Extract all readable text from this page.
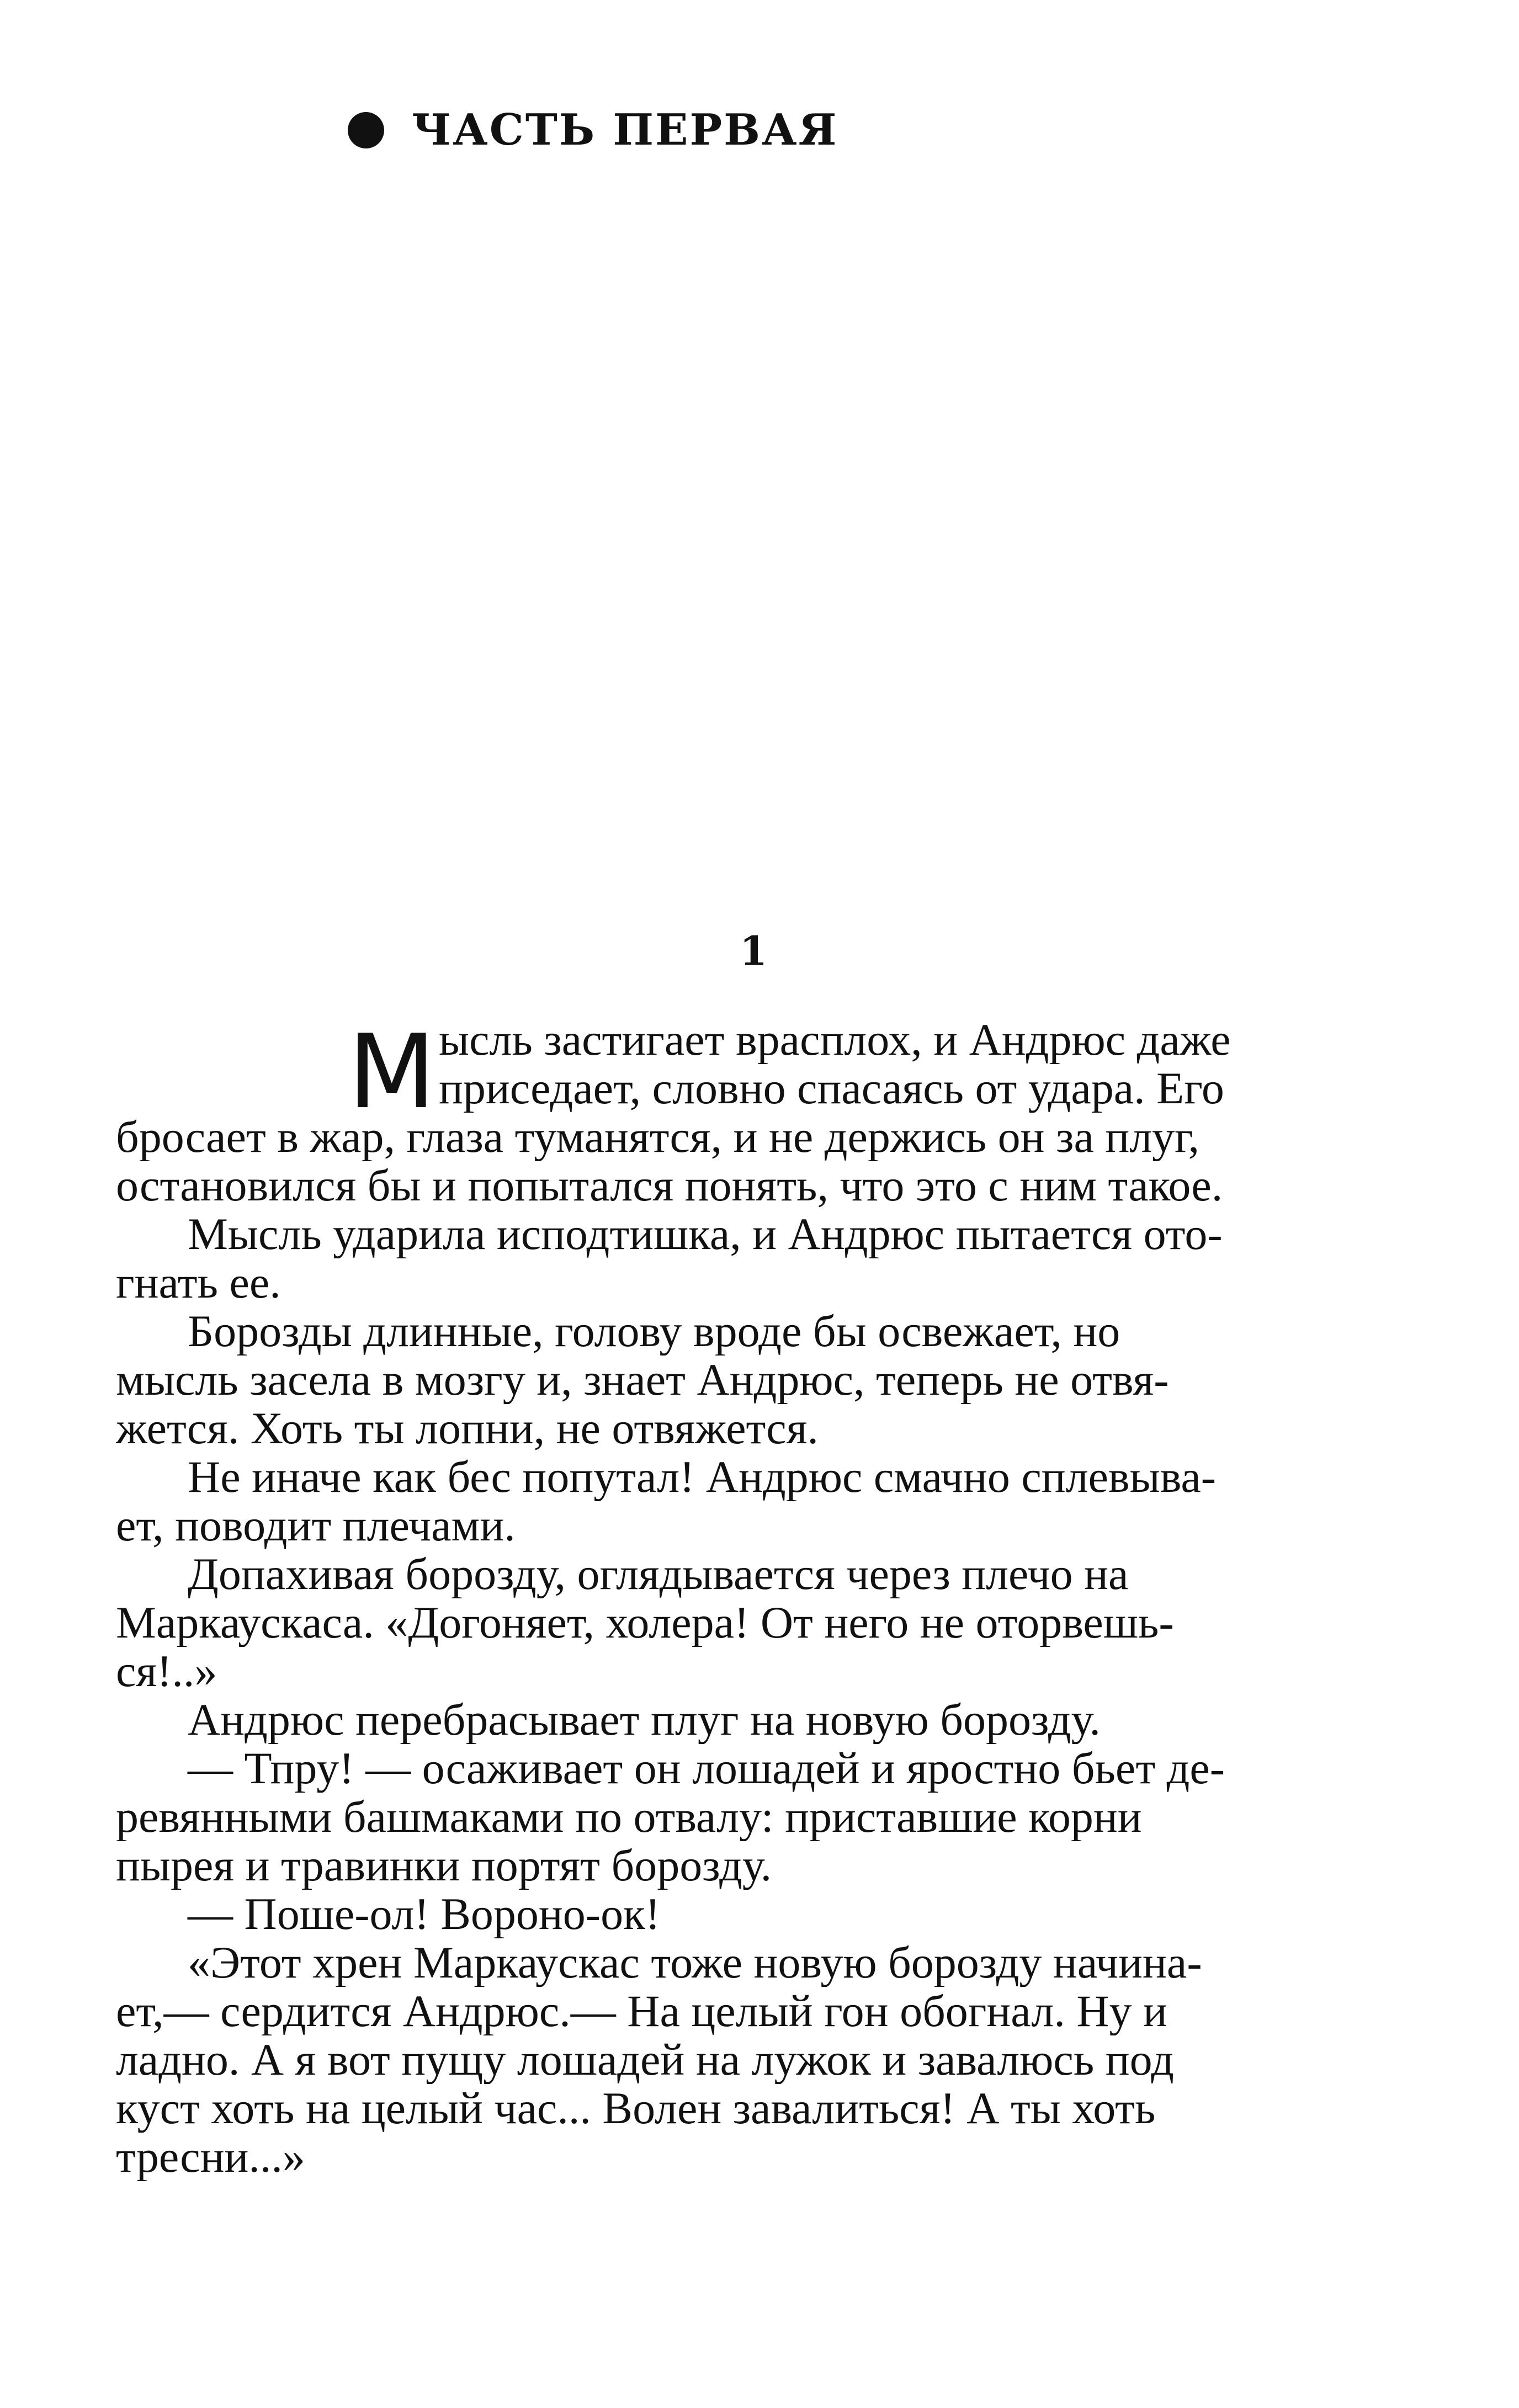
ЧАСТЬ ПЕРВАЯ
1
М ысль застигает врасплох, и Андрюс даже
приседает, словно спасаясь от удара. Его
бросает в жар, глаза туманятся, и не держись он за плуг,
остановился бы и попытался понять, что это с ним такое.
Мысль ударила исподтишка, и Андрюс пытается ото-
гнать ее.
Борозды длинные, голову вроде бы освежает, но
мысль засела в мозгу и, знает Андрюс, теперь не отвя-
жется. Хоть ты лопни, не отвяжется.
Не иначе как бес попутал! Андрюс смачно сплевыва-
ет, поводит плечами.
Допахивая борозду, оглядывается через плечо на
Маркаускаса. «Догоняет, холера! От него не оторвешь-
ся!..»
Андрюс перебрасывает плуг на новую борозду.
— Тпру! — осаживает он лошадей и яростно бьет де-
ревянными башмаками по отвалу: приставшие корни
пырея и травинки портят борозду.
— Поше-ол! Вороно-ок!
«Этот хрен Маркаускас тоже новую борозду начина-
ет,— сердится Андрюс.— На целый гон обогнал. Ну и
ладно. А я вот пущу лошадей на лужок и завалюсь под
куст хоть на целый час... Волен завалиться! А ты хоть
тресни...»
